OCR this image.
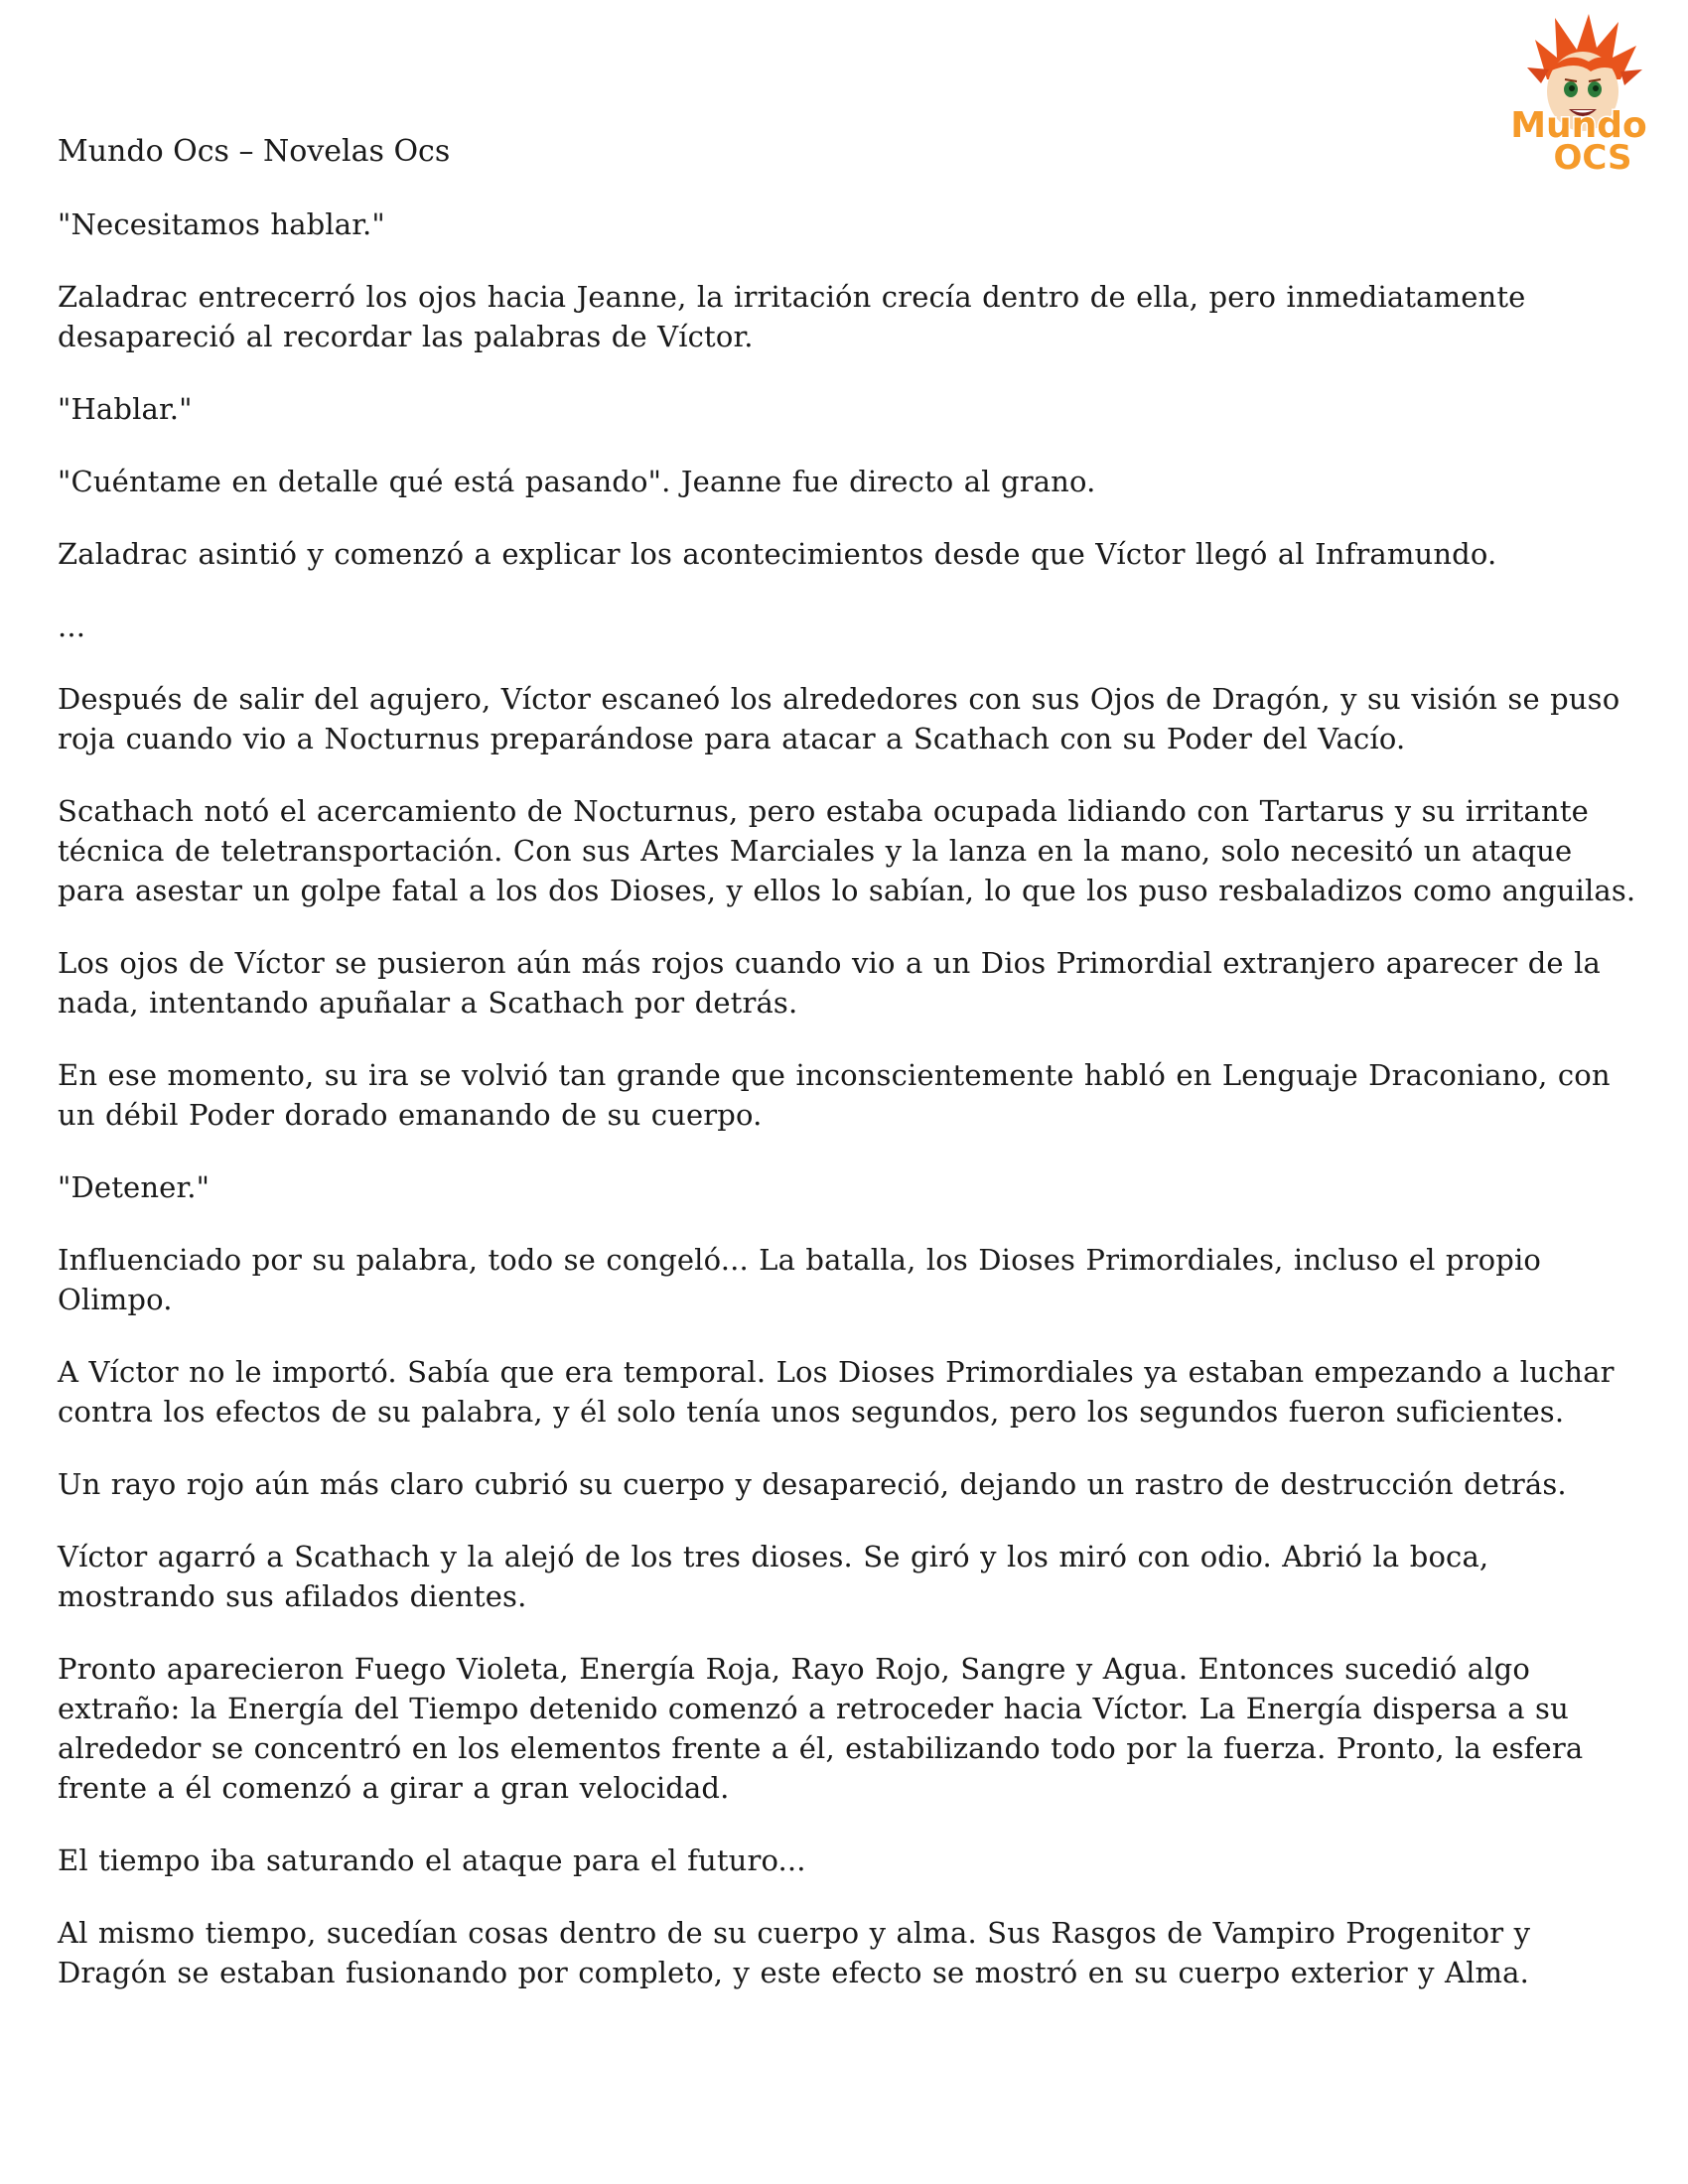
Mundo Ocs – Novelas Ocs
Mundo
OCS

"Necesitamos hablar."

Zaladrac entrecerró los ojos hacia Jeanne, la irritación crecía dentro de ella, pero inmediatamente desapareció al recordar las palabras de Víctor.

"Hablar."

"Cuéntame en detalle qué está pasando". Jeanne fue directo al grano.

Zaladrac asintió y comenzó a explicar los acontecimientos desde que Víctor llegó al Inframundo.

...

Después de salir del agujero, Víctor escaneó los alrededores con sus Ojos de Dragón, y su visión se puso roja cuando vio a Nocturnus preparándose para atacar a Scathach con su Poder del Vacío.

Scathach notó el acercamiento de Nocturnus, pero estaba ocupada lidiando con Tartarus y su irritante técnica de teletransportación. Con sus Artes Marciales y la lanza en la mano, solo necesitó un ataque para asestar un golpe fatal a los dos Dioses, y ellos lo sabían, lo que los puso resbaladizos como anguilas.

Los ojos de Víctor se pusieron aún más rojos cuando vio a un Dios Primordial extranjero aparecer de la nada, intentando apuñalar a Scathach por detrás.

En ese momento, su ira se volvió tan grande que inconscientemente habló en Lenguaje Draconiano, con un débil Poder dorado emanando de su cuerpo.

"Detener."

Influenciado por su palabra, todo se congeló... La batalla, los Dioses Primordiales, incluso el propio Olimpo.

A Víctor no le importó. Sabía que era temporal. Los Dioses Primordiales ya estaban empezando a luchar contra los efectos de su palabra, y él solo tenía unos segundos, pero los segundos fueron suficientes.

Un rayo rojo aún más claro cubrió su cuerpo y desapareció, dejando un rastro de destrucción detrás.

Víctor agarró a Scathach y la alejó de los tres dioses. Se giró y los miró con odio. Abrió la boca, mostrando sus afilados dientes.

Pronto aparecieron Fuego Violeta, Energía Roja, Rayo Rojo, Sangre y Agua. Entonces sucedió algo extraño: la Energía del Tiempo detenido comenzó a retroceder hacia Víctor. La Energía dispersa a su alrededor se concentró en los elementos frente a él, estabilizando todo por la fuerza. Pronto, la esfera frente a él comenzó a girar a gran velocidad.

El tiempo iba saturando el ataque para el futuro...

Al mismo tiempo, sucedían cosas dentro de su cuerpo y alma. Sus Rasgos de Vampiro Progenitor y Dragón se estaban fusionando por completo, y este efecto se mostró en su cuerpo exterior y Alma.
